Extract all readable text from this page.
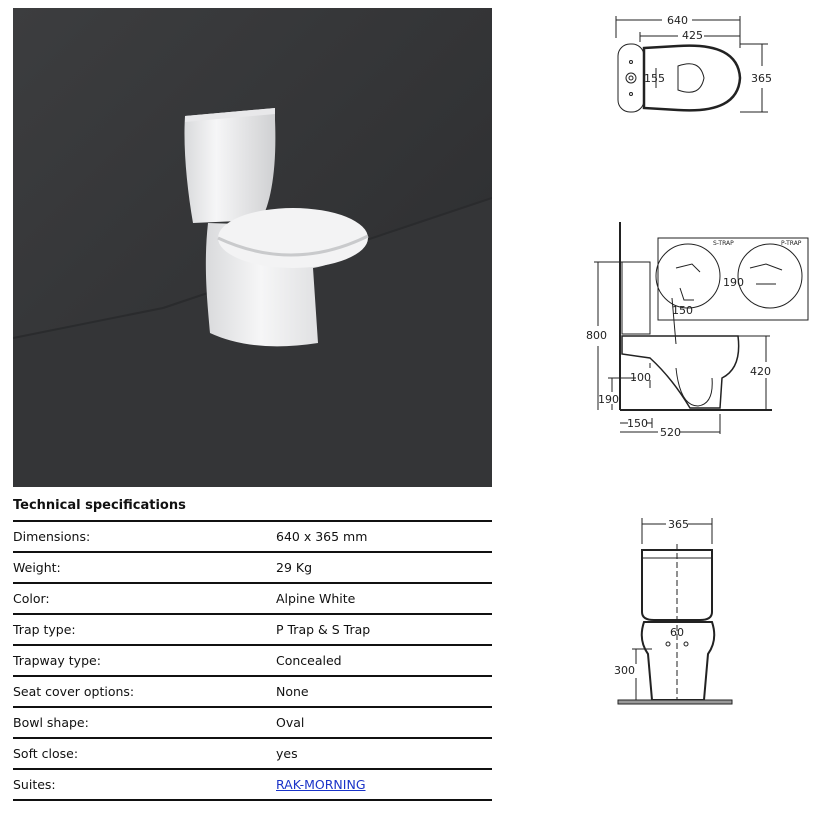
Technical specifications
Dimensions:	640 x 365 mm
Weight:	29 Kg
Color:	Alpine White
Trap type:	P Trap & S Trap
Trapway type:	Concealed
Seat cover options:	None
Bowl shape:	Oval
Soft close:	yes
Suites:	RAK-MORNING
640
425
155	365
S-TRAP	P-TRAP
150
190
800
420
100
190
150
520
365
60
300
